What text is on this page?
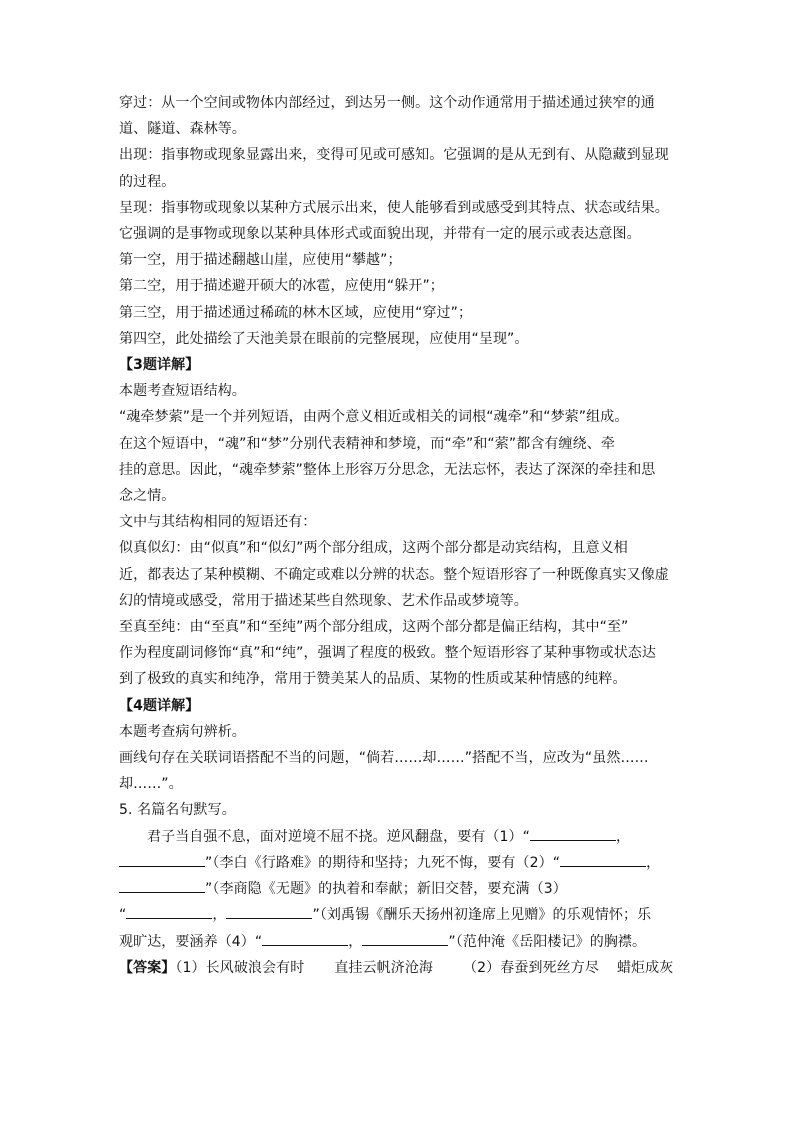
穿过：从一个空间或物体内部经过，到达另一侧。这个动作通常用于描述通过狭窄的通

道、隧道、森林等。

出现：指事物或现象显露出来，变得可见或可感知。它强调的是从无到有、从隐藏到显现

的过程。

呈现：指事物或现象以某种方式展示出来，使人能够看到或感受到其特点、状态或结果。

它强调的是事物或现象以某种具体形式或面貌出现，并带有一定的展示或表达意图。

第一空，用于描述翻越山崖，应使用“攀越”；

第二空，用于描述避开硕大的冰雹，应使用“躲开”；

第三空，用于描述通过稀疏的林木区域，应使用“穿过”；

第四空，此处描绘了天池美景在眼前的完整展现，应使用“呈现”。

【3题详解】

本题考查短语结构。

“魂牵梦萦”是一个并列短语，由两个意义相近或相关的词根“魂牵”和“梦萦”组成。

在这个短语中，“魂”和“梦”分别代表精神和梦境，而“牵”和“萦”都含有缠绕、牵

挂的意思。因此，“魂牵梦萦”整体上形容万分思念，无法忘怀，表达了深深的牵挂和思

念之情。

文中与其结构相同的短语还有：

似真似幻：由“似真”和“似幻”两个部分组成，这两个部分都是动宾结构，且意义相

近，都表达了某种模糊、不确定或难以分辨的状态。整个短语形容了一种既像真实又像虚

幻的情境或感受，常用于描述某些自然现象、艺术作品或梦境等。

至真至纯：由“至真”和“至纯”两个部分组成，这两个部分都是偏正结构，其中“至”

作为程度副词修饰“真”和“纯”，强调了程度的极致。整个短语形容了某种事物或状态达

到了极致的真实和纯净，常用于赞美某人的品质、某物的性质或某种情感的纯粹。

【4题详解】

本题考查病句辨析。

画线句存在关联词语搭配不当的问题，“倘若……却……”搭配不当，应改为“虽然……

却……”。

5. 名篇名句默写。

君子当自强不息，面对逆境不屈不挠。逆风翻盘，要有（1）“	，

”（李白《行路难》的期待和坚持；九死不悔，要有（2）“	，

”（李商隐《无题》的执着和奉献；新旧交替，要充满（3）

“	，	”（刘禹锡《酬乐天扬州初逢席上见赠》的乐观情怀；乐

观旷达，要涵养（4）“	，	”（范仲淹《岳阳楼记》的胸襟。

【答案】（1）长风破浪会有时 直挂云帆济沧海 （2）春蚕到死丝方尽 蜡炬成灰
